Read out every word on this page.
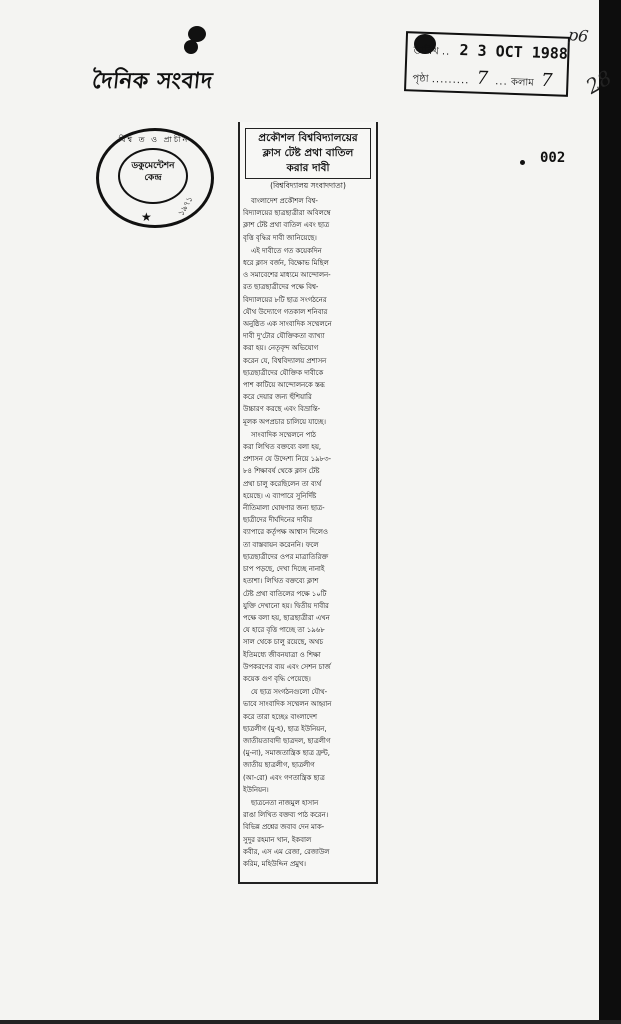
দৈনিক সংবাদ
তারিখ .. 2 3 OCT 1988
পৃষ্ঠা ......... 7 ... কলাম 7
p6
28
বিশ্ব ত ও প্রাচীন
ডকুমেন্টেশন
কেন্দ্র
★	১৯৭১
002
প্রকৌশল বিশ্ববিদ্যালয়ের
ক্লাস টেষ্ট প্রথা বাতিল
করার দাবী
(বিশ্ববিদ্যালয় সংবাদদাতা)
বাংলাদেশ প্রকৌশল বিশ্ব-
বিদ্যালয়ের ছাত্রছাত্রীরা অবিলম্বে
ক্লাশ টেষ্ট প্রথা বাতিল এবং ছাত্র
বৃত্তি বৃদ্ধির দাবী জানিয়েছে।
এই দাবীতে গত কয়েকদিন
ধরে ক্লাস বর্জন, বিক্ষোভ মিছিল
ও সমাবেশের মাধ্যমে আন্দোলন-
রত ছাত্রছাত্রীদের পক্ষে বিশ্ব-
বিদ্যালয়ের ৮টি ছাত্র সংগঠনের
যৌথ উদ্যোগে গতকাল শনিবার
অনুষ্ঠিত এক সাংবাদিক সম্মেলনে
দাবী দু'টোর যৌক্তিকতা ব্যাখ্যা
করা হয়। নেতৃবৃন্দ অভিযোগ
করেন যে, বিশ্ববিদ্যালয় প্রশাসন
ছাত্রছাত্রীদের যৌক্তিক দাবীকে
পাশ কাটিয়ে আন্দোলনকে স্তব্ধ
করে দেয়ার জন্য হুঁশিয়ারি
উচ্চারণ করছে এবং বিভ্রান্তি-
মূলক অপপ্রচার চালিয়ে যাচ্ছে।
সাংবাদিক সম্মেলনে পাঠ
করা লিখিত বক্তব্যে বলা হয়,
প্রশাসন যে উদ্দেশ্য নিয়ে ১৯৮৩-
৮৪ শিক্ষাবর্ষ থেকে ক্লাস টেষ্ট
প্রথা চালু করেছিলেন তা ব্যর্থ
হয়েছে। এ ব্যাপারে সুনির্দিষ্ট
নীতিমালা ঘোষণার জন্য ছাত্র-
ছাত্রীদের দীর্ঘদিনের দাবীর
ব্যাপারে কর্তৃপক্ষ আশ্বাস দিলেও
তা বাস্তবায়ন করেননি। ফলে
ছাত্রছাত্রীদের ওপর মাত্রাতিরিক্ত
চাপ পড়ছে, দেখা দিচ্ছে নানাই
হতাশা। লিখিত বক্তব্যে ক্লাশ
টেষ্ট প্রথা বাতিলের পক্ষে ১০টি
যুক্তি দেখানো হয়। দ্বিতীয় দাবীর
পক্ষে বলা হয়, ছাত্রছাত্রীরা এখন
যে হারে বৃত্তি পাচ্ছে তা ১৯৬৮
সাল থেকে চালু রয়েছে, অথচ
ইতিমধ্যে জীবনযাত্রা ও শিক্ষা
উপকরণের ব্যয় এবং সেশন চার্জ
কয়েক গুণ বৃদ্ধি পেয়েছে।
যে ছাত্র সংগঠনগুলো যৌথ-
ভাবে সাংবাদিক সম্মেলন আহ্বান
করে তারা হচ্ছেঃ বাংলাদেশ
ছাত্রলীগ (মু-হ), ছাত্র ইউনিয়ন,
জাতীয়তাবাদী ছাত্রদল, ছাত্রলীগ
(মু-না), সমাজতান্ত্রিক ছাত্র ফ্রন্ট,
জাতীয় ছাত্রলীগ, ছাত্রলীগ
(আ-রো) এবং গণতান্ত্রিক ছাত্র
ইউনিয়ন।
ছাত্রনেতা নাজমুল হাসান
রাঙা লিখিত বক্তব্য পাঠ করেন।
বিভিন্ন প্রশ্নের জবাব দেন মাক-
সুদুর রহমান খান, ইকবাল
কবীর, এস এম রেজা, রেজাউল
করিম, মহিউদ্দিন প্রমুখ।
